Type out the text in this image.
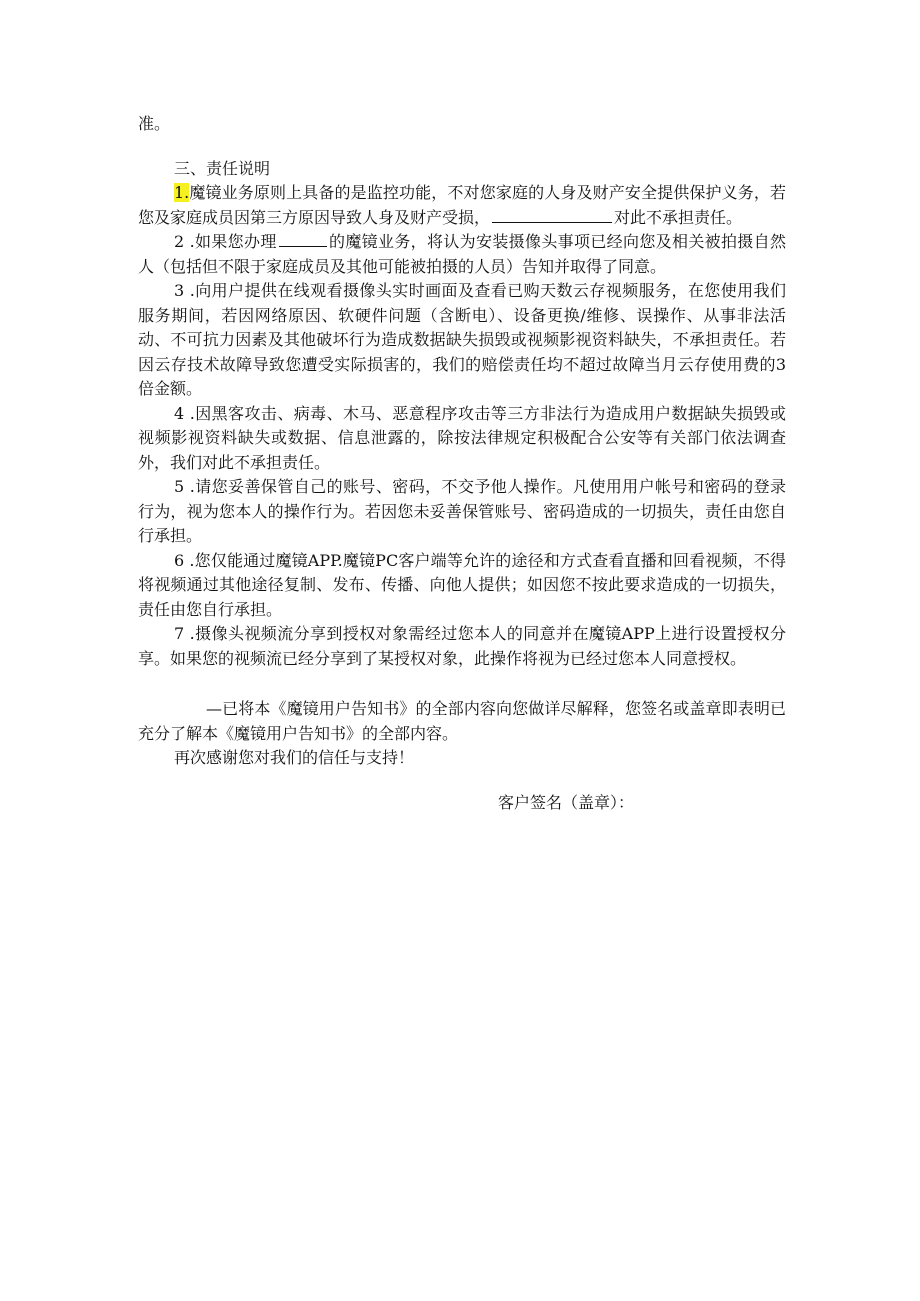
准。

三、责任说明

1.魔镜业务原则上具备的是监控功能，不对您家庭的人身及财产安全提供保护义务，若您及家庭成员因第三方原因导致人身及财产受损，	对此不承担责任。

2 .如果您办理	的魔镜业务，将认为安装摄像头事项已经向您及相关被拍摄自然人（包括但不限于家庭成员及其他可能被拍摄的人员）告知并取得了同意。

3 .向用户提供在线观看摄像头实时画面及查看已购天数云存视频服务，在您使用我们服务期间，若因网络原因、软硬件问题（含断电）、设备更换/维修、误操作、从事非法活动、不可抗力因素及其他破坏行为造成数据缺失损毁或视频影视资料缺失，不承担责任。若因云存技术故障导致您遭受实际损害的，我们的赔偿责任均不超过故障当月云存使用费的3倍金额。

4 .因黑客攻击、病毒、木马、恶意程序攻击等三方非法行为造成用户数据缺失损毁或视频影视资料缺失或数据、信息泄露的，除按法律规定积极配合公安等有关部门依法调查外，我们对此不承担责任。

5 .请您妥善保管自己的账号、密码，不交予他人操作。凡使用用户帐号和密码的登录行为，视为您本人的操作行为。若因您未妥善保管账号、密码造成的一切损失，责任由您自行承担。

6 .您仅能通过魔镜APP.魔镜PC客户端等允许的途径和方式查看直播和回看视频，不得将视频通过其他途径复制、发布、传播、向他人提供；如因您不按此要求造成的一切损失，责任由您自行承担。

7 .摄像头视频流分享到授权对象需经过您本人的同意并在魔镜APP上进行设置授权分享。如果您的视频流已经分享到了某授权对象，此操作将视为已经过您本人同意授权。

—已将本《魔镜用户告知书》的全部内容向您做详尽解释，您签名或盖章即表明已充分了解本《魔镜用户告知书》的全部内容。

再次感谢您对我们的信任与支持！

客户签名（盖章）：
